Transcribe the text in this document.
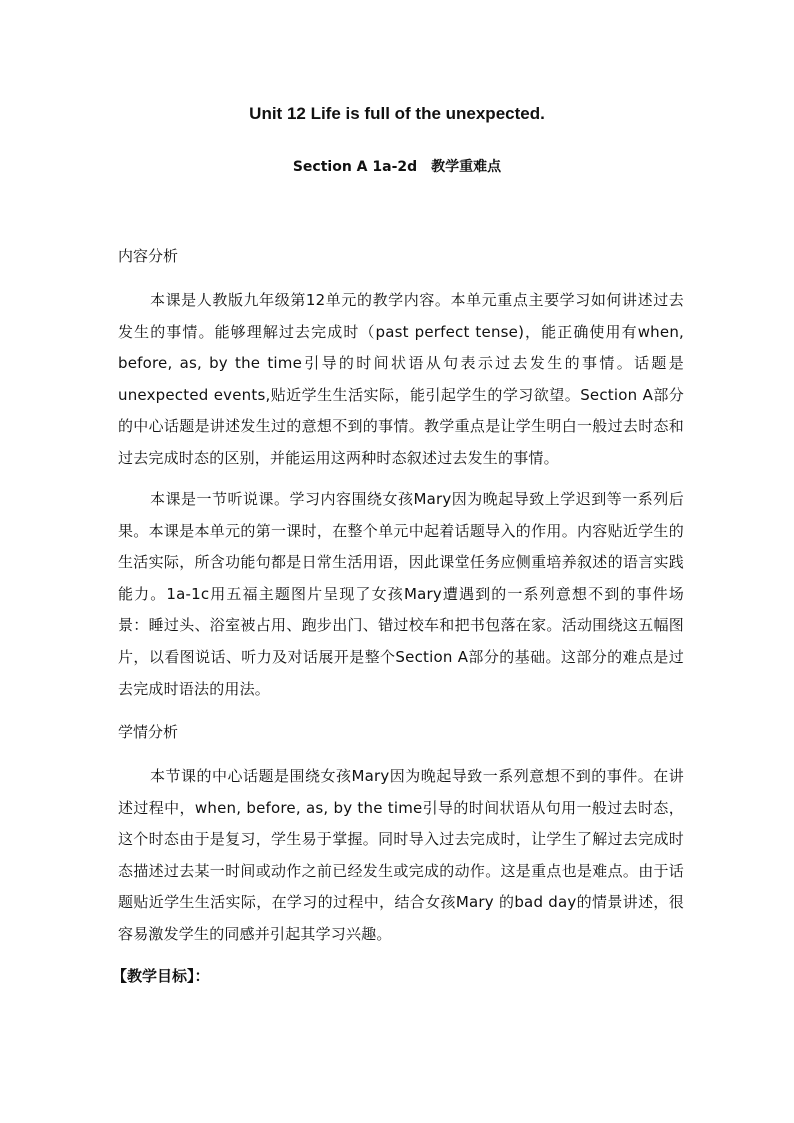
Unit 12 Life is full of the unexpected.
Section A 1a-2d　教学重难点
内容分析

本课是人教版九年级第12单元的教学内容。本单元重点主要学习如何讲述过去发生的事情。能够理解过去完成时（past perfect tense)，能正确使用有when, before, as, by the time引导的时间状语从句表示过去发生的事情。话题是unexpected events,贴近学生生活实际，能引起学生的学习欲望。Section A部分的中心话题是讲述发生过的意想不到的事情。教学重点是让学生明白一般过去时态和过去完成时态的区别，并能运用这两种时态叙述过去发生的事情。

本课是一节听说课。学习内容围绕女孩Mary因为晚起导致上学迟到等一系列后果。本课是本单元的第一课时，在整个单元中起着话题导入的作用。内容贴近学生的生活实际，所含功能句都是日常生活用语，因此课堂任务应侧重培养叙述的语言实践能力。1a-1c用五福主题图片呈现了女孩Mary遭遇到的一系列意想不到的事件场景：睡过头、浴室被占用、跑步出门、错过校车和把书包落在家。活动围绕这五幅图片，以看图说话、听力及对话展开是整个Section A部分的基础。这部分的难点是过去完成时语法的用法。

学情分析

本节课的中心话题是围绕女孩Mary因为晚起导致一系列意想不到的事件。在讲述过程中，when, before, as, by the time引导的时间状语从句用一般过去时态，这个时态由于是复习，学生易于掌握。同时导入过去完成时，让学生了解过去完成时态描述过去某一时间或动作之前已经发生或完成的动作。这是重点也是难点。由于话题贴近学生生活实际，在学习的过程中，结合女孩Mary 的bad day的情景讲述，很容易激发学生的同感并引起其学习兴趣。

【教学目标】：
